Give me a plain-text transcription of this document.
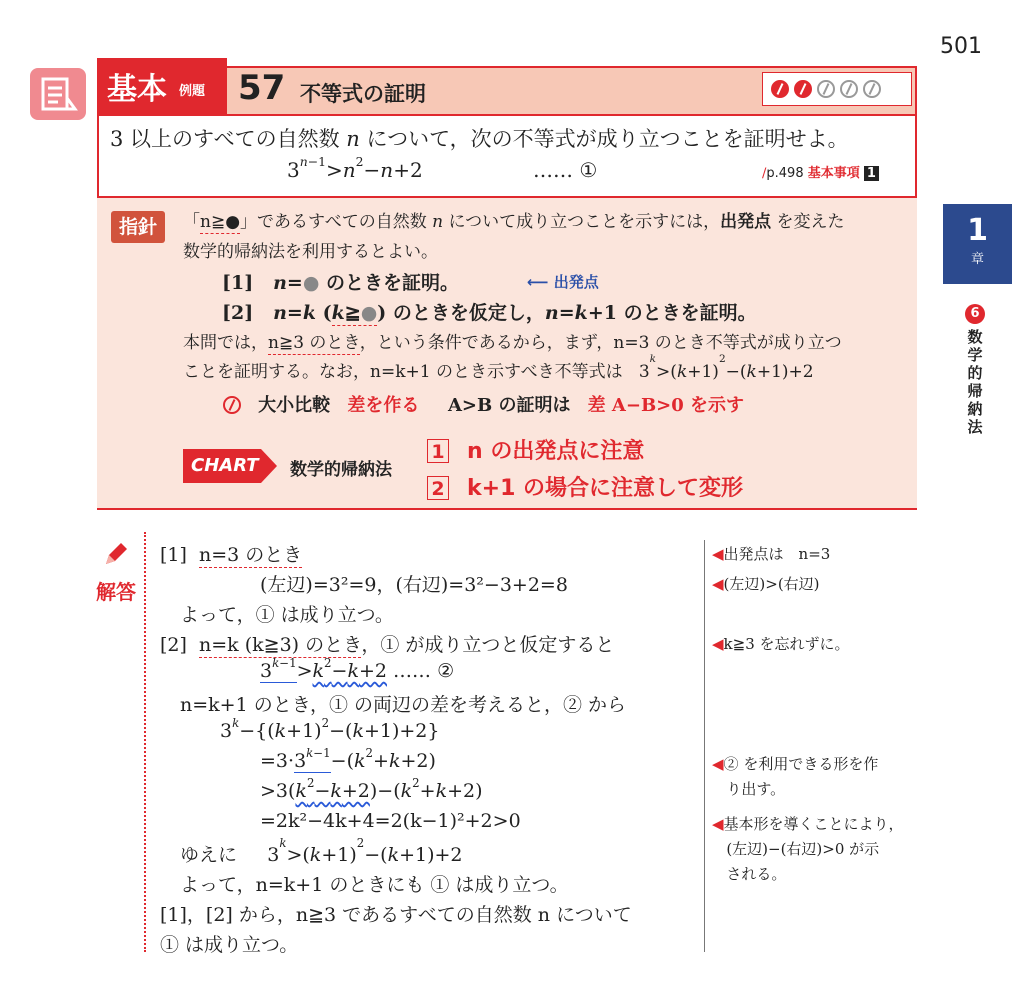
501
基本 例題 57 不等式の証明

3 以上のすべての自然数 n について，次の不等式が成り立つことを証明せよ。
$3^{n-1}>n^2-n+2$	…… ①	∕p.498 基本事項 1
指針	「n≧●」であるすべての自然数 n について成り立つことを示すには，出発点 を変えた
数学的帰納法を利用するとよい。
[1] n=● のときを証明。	⟵ 出発点
[2] n=k (k≧●) のときを仮定し，n=k+1 のときを証明。
本問では，n≧3 のとき，という条件であるから，まず，n=3 のとき不等式が成り立つ
ことを証明する。なお，n=k+1 のとき示すべき不等式は   $3^k>(k+1)^2-(k+1)+2$
大小比較 差を作る A>B の証明は 差 A−B>0 を示す
CHART 数学的帰納法
1 n の出発点に注意
2 k+1 の場合に注意して変形
解答
[1] n=3 のとき
(左辺)=3²=9，(右辺)=3²−3+2=8
よって，① は成り立つ。
[2] n=k (k≧3) のとき，① が成り立つと仮定すると
$3^{k-1}>k^2-k+2$ …… ②
n=k+1 のとき，① の両辺の差を考えると，② から
$3^k-\{(k+1)^2-(k+1)+2\}$
$=3\cdot 3^{k-1}-(k^2+k+2)$
$>3(k^2-k+2)-(k^2+k+2)$
=2k²−4k+4=2(k−1)²+2>0
ゆえに     $3^k>(k+1)^2-(k+1)+2$
よって，n=k+1 のときにも ① は成り立つ。
[1]，[2] から，n≧3 であるすべての自然数 n について
① は成り立つ。
◀出発点は　n=3
◀(左辺)>(右辺)
◀k≧3 を忘れずに。
◀② を利用できる形を作
り出す。
◀基本形を導くことにより，
(左辺)−(右辺)>0 が示
される。
1
章
6
数学的帰納法
